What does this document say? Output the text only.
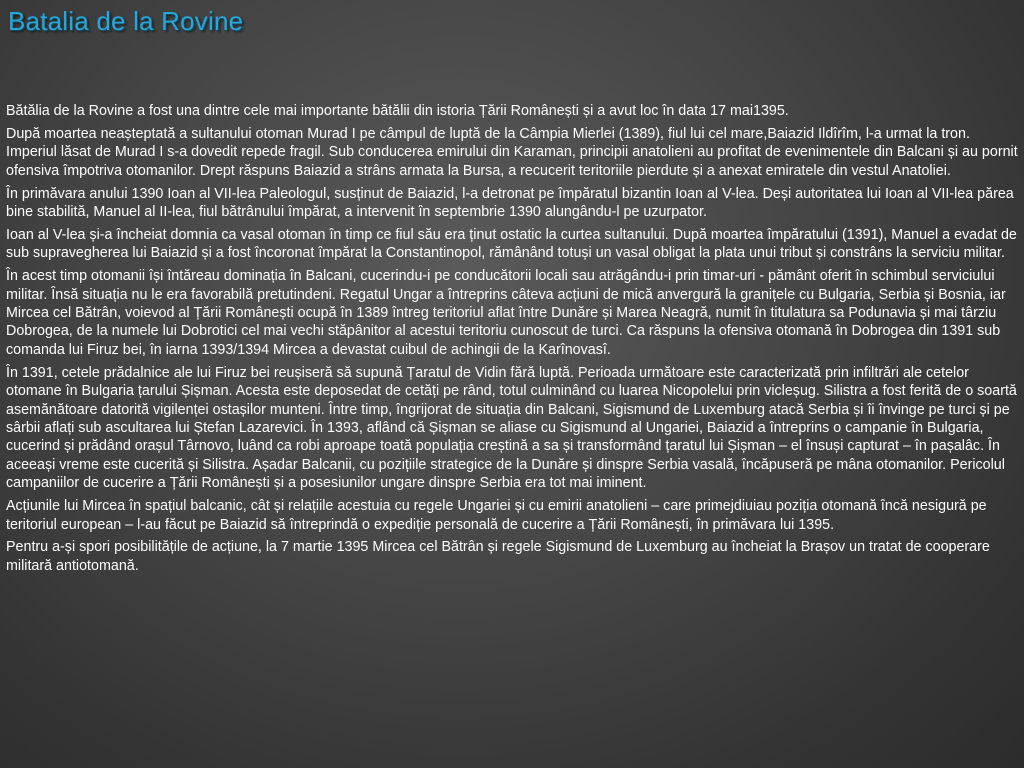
Batalia de la Rovine

Bătălia de la Rovine a fost una dintre cele mai importante bătălii din istoria Țării Românești și a avut loc în data 17 mai1395.

După moartea neașteptată a sultanului otoman Murad I pe câmpul de luptă de la Câmpia Mierlei (1389), fiul lui cel mare,Baiazid Ildîrîm, l-a urmat la tron. Imperiul lăsat de Murad I s-a dovedit repede fragil. Sub conducerea emirului din Karaman, principii anatolieni au profitat de evenimentele din Balcani și au pornit ofensiva împotriva otomanilor. Drept răspuns Baiazid a strâns armata la Bursa, a recucerit teritoriile pierdute și a anexat emiratele din vestul Anatoliei.

În primăvara anului 1390 Ioan al VII-lea Paleologul, susținut de Baiazid, l-a detronat pe împăratul bizantin Ioan al V-lea. Deși autoritatea lui Ioan al VII-lea părea bine stabilită, Manuel al II-lea, fiul bătrânului împărat, a intervenit în septembrie 1390 alungându-l pe uzurpator.

Ioan al V-lea și-a încheiat domnia ca vasal otoman în timp ce fiul său era ținut ostatic la curtea sultanului. După moartea împăratului (1391), Manuel a evadat de sub supravegherea lui Baiazid și a fost încoronat împărat la Constantinopol, rămânând totuși un vasal obligat la plata unui tribut și constrâns la serviciu militar.

În acest timp otomanii își întăreau dominația în Balcani, cucerindu-i pe conducătorii locali sau atrăgându-i prin timar-uri - pământ oferit în schimbul serviciului militar. Însă situația nu le era favorabilă pretutindeni. Regatul Ungar a întreprins câteva acțiuni de mică anvergură la granițele cu Bulgaria, Serbia și Bosnia, iar Mircea cel Bătrân, voievod al Țării Românești ocupă în 1389 întreg teritoriul aflat între Dunăre și Marea Neagră, numit în titulatura sa Podunavia și mai târziu Dobrogea, de la numele lui Dobrotici cel mai vechi stăpânitor al acestui teritoriu cunoscut de turci. Ca răspuns la ofensiva otomană în Dobrogea din 1391 sub comanda lui Firuz bei, în iarna 1393/1394 Mircea a devastat cuibul de achingii de la Karînovasî.

În 1391, cetele prădalnice ale lui Firuz bei reușiseră să supună Țaratul de Vidin fără luptă. Perioada următoare este caracterizată prin infiltrări ale cetelor otomane în Bulgaria țarului Șișman. Acesta este deposedat de cetăți pe rând, totul culminând cu luarea Nicopolelui prin vicleșug. Silistra a fost ferită de o soartă asemănătoare datorită vigilenței ostașilor munteni. Între timp, îngrijorat de situația din Balcani, Sigismund de Luxemburg atacă Serbia și îi învinge pe turci și pe sârbii aflați sub ascultarea lui Ștefan Lazarevici. În 1393, aflând că Șișman se aliase cu Sigismund al Ungariei, Baiazid a întreprins o campanie în Bulgaria, cucerind și prădând orașul Târnovo, luând ca robi aproape toată populația creștină a sa și transformând țaratul lui Șișman – el însuși capturat – în pașalâc. În aceeași vreme este cucerită și Silistra. Așadar Balcanii, cu pozițiile strategice de la Dunăre și dinspre Serbia vasală, încăpuseră pe mâna otomanilor. Pericolul campaniilor de cucerire a Țării Românești și a posesiunilor ungare dinspre Serbia era tot mai iminent.

Acțiunile lui Mircea în spațiul balcanic, cât și relațiile acestuia cu regele Ungariei și cu emirii anatolieni – care primejdiuiau poziția otomană încă nesigură pe teritoriul european – l-au făcut pe Baiazid să întreprindă o expediție personală de cucerire a Țării Românești, în primăvara lui 1395.

Pentru a-și spori posibilitățile de acțiune, la 7 martie 1395 Mircea cel Bătrân și regele Sigismund de Luxemburg au încheiat la Brașov un tratat de cooperare militară antiotomană.
